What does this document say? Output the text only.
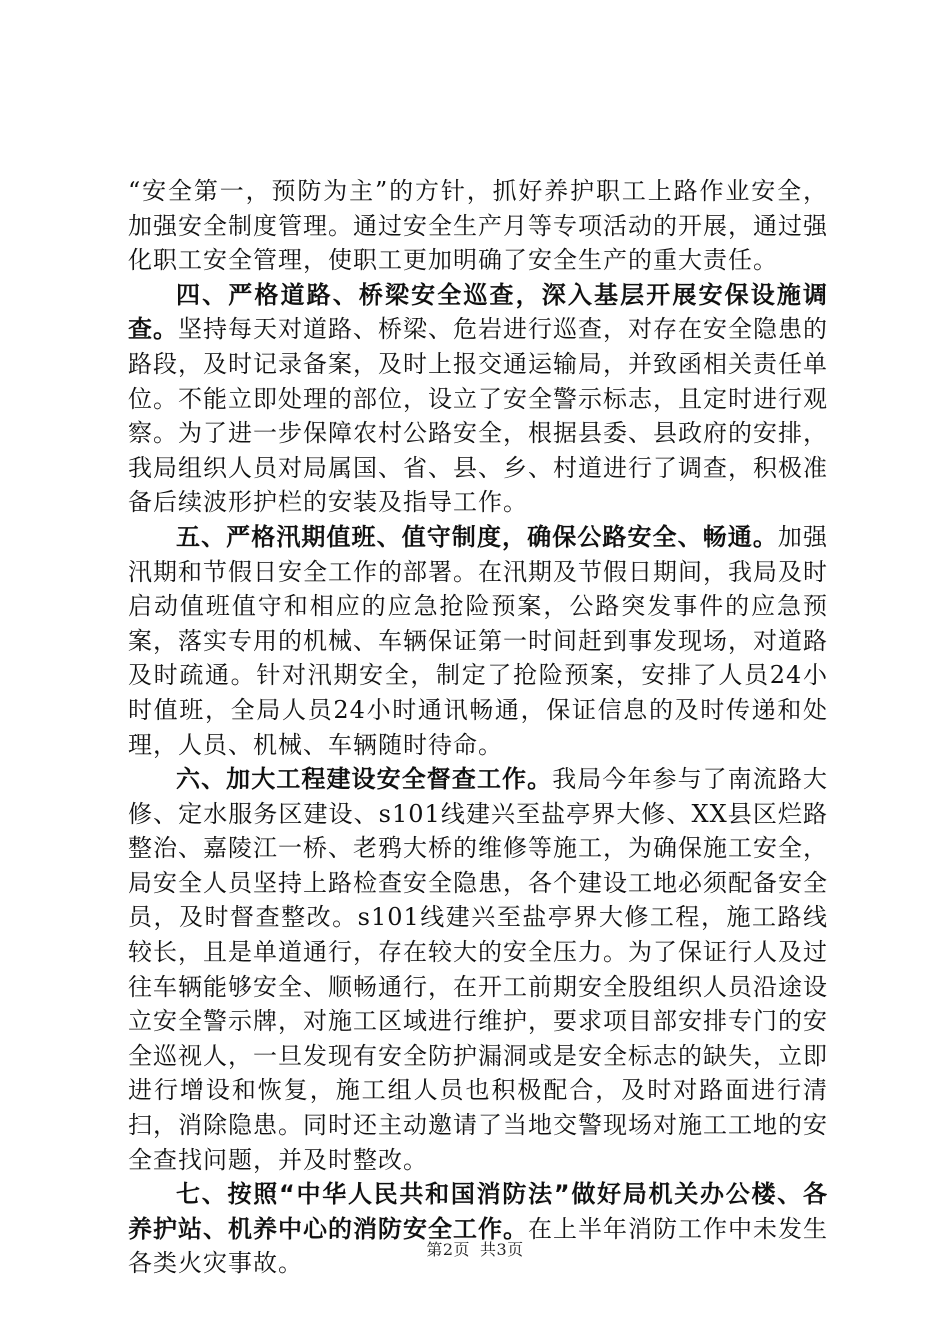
“安全第一，预防为主”的方针，抓好养护职工上路作业安全，加强安全制度管理。通过安全生产月等专项活动的开展，通过强化职工安全管理，使职工更加明确了安全生产的重大责任。

四、严格道路、桥梁安全巡查，深入基层开展安保设施调查。坚持每天对道路、桥梁、危岩进行巡查，对存在安全隐患的路段，及时记录备案，及时上报交通运输局，并致函相关责任单位。不能立即处理的部位，设立了安全警示标志，且定时进行观察。为了进一步保障农村公路安全，根据县委、县政府的安排，我局组织人员对局属国、省、县、乡、村道进行了调查，积极准备后续波形护栏的安装及指导工作。

五、严格汛期值班、值守制度，确保公路安全、畅通。加强汛期和节假日安全工作的部署。在汛期及节假日期间，我局及时启动值班值守和相应的应急抢险预案，公路突发事件的应急预案，落实专用的机械、车辆保证第一时间赶到事发现场，对道路及时疏通。针对汛期安全，制定了抢险预案，安排了人员24小时值班，全局人员24小时通讯畅通，保证信息的及时传递和处理，人员、机械、车辆随时待命。

六、加大工程建设安全督查工作。我局今年参与了南流路大修、定水服务区建设、s101线建兴至盐亭界大修、XX县区烂路整治、嘉陵江一桥、老鸦大桥的维修等施工，为确保施工安全，局安全人员坚持上路检查安全隐患，各个建设工地必须配备安全员，及时督查整改。s101线建兴至盐亭界大修工程，施工路线较长，且是单道通行，存在较大的安全压力。为了保证行人及过往车辆能够安全、顺畅通行，在开工前期安全股组织人员沿途设立安全警示牌，对施工区域进行维护，要求项目部安排专门的安全巡视人，一旦发现有安全防护漏洞或是安全标志的缺失，立即进行增设和恢复，施工组人员也积极配合，及时对路面进行清扫，消除隐患。同时还主动邀请了当地交警现场对施工工地的安全查找问题，并及时整改。

七、按照“中华人民共和国消防法”做好局机关办公楼、各养护站、机养中心的消防安全工作。在上半年消防工作中未发生各类火灾事故。	第2页 共3页
